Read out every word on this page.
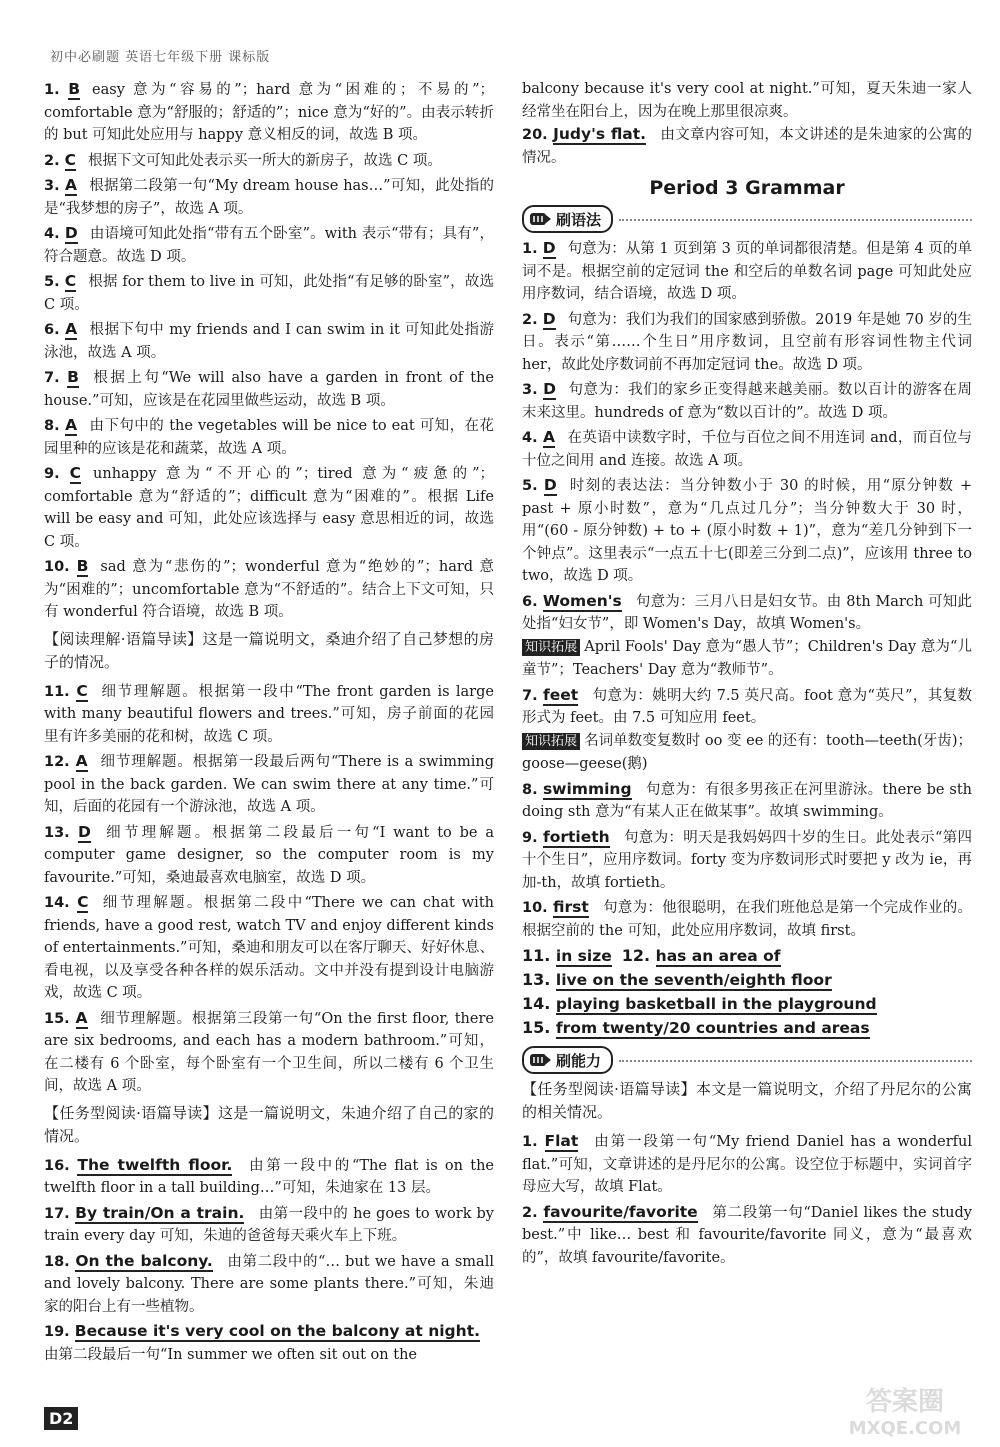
初中必刷题 英语七年级下册 课标版

1. B easy 意为“容易的”；hard 意为“困难的；不易的”；comfortable 意为“舒服的；舒适的”；nice 意为“好的”。由表示转折的 but 可知此处应用与 happy 意义相反的词，故选 B 项。

2. C 根据下文可知此处表示买一所大的新房子，故选 C 项。

3. A 根据第二段第一句“My dream house has…”可知，此处指的是“我梦想的房子”，故选 A 项。

4. D 由语境可知此处指“带有五个卧室”。with 表示“带有；具有”，符合题意。故选 D 项。

5. C 根据 for them to live in 可知，此处指“有足够的卧室”，故选 C 项。

6. A 根据下句中 my friends and I can swim in it 可知此处指游泳池，故选 A 项。

7. B 根据上句“We will also have a garden in front of the house.”可知，应该是在花园里做些运动，故选 B 项。

8. A 由下句中的 the vegetables will be nice to eat 可知，在花园里种的应该是花和蔬菜，故选 A 项。

9. C unhappy 意为“不开心的”；tired 意为“疲惫的”；comfortable 意为“舒适的”；difficult 意为“困难的”。根据 Life will be easy and 可知，此处应该选择与 easy 意思相近的词，故选 C 项。

10. B sad 意为“悲伤的”；wonderful 意为“绝妙的”；hard 意为“困难的”；uncomfortable 意为“不舒适的”。结合上下文可知，只有 wonderful 符合语境，故选 B 项。

【阅读理解·语篇导读】这是一篇说明文，桑迪介绍了自己梦想的房子的情况。

11. C 细节理解题。根据第一段中“The front garden is large with many beautiful flowers and trees.”可知，房子前面的花园里有许多美丽的花和树，故选 C 项。

12. A 细节理解题。根据第一段最后两句“There is a swimming pool in the back garden. We can swim there at any time.”可知，后面的花园有一个游泳池，故选 A 项。

13. D 细节理解题。根据第二段最后一句“I want to be a computer game designer, so the computer room is my favourite.”可知，桑迪最喜欢电脑室，故选 D 项。

14. C 细节理解题。根据第二段中“There we can chat with friends, have a good rest, watch TV and enjoy different kinds of entertainments.”可知，桑迪和朋友可以在客厅聊天、好好休息、看电视，以及享受各种各样的娱乐活动。文中并没有提到设计电脑游戏，故选 C 项。

15. A 细节理解题。根据第三段第一句“On the first floor, there are six bedrooms, and each has a modern bathroom.”可知，在二楼有 6 个卧室，每个卧室有一个卫生间，所以二楼有 6 个卫生间，故选 A 项。

【任务型阅读·语篇导读】这是一篇说明文，朱迪介绍了自己的家的情况。

16. The twelfth floor. 由第一段中的“The flat is on the twelfth floor in a tall building…”可知，朱迪家在 13 层。

17. By train/On a train. 由第一段中的 he goes to work by train every day 可知，朱迪的爸爸每天乘火车上下班。

18. On the balcony. 由第二段中的“… but we have a small and lovely balcony. There are some plants there.”可知，朱迪家的阳台上有一些植物。

19. Because it's very cool on the balcony at night.由第二段最后一句“In summer we often sit out on the

balcony because it's very cool at night.”可知，夏天朱迪一家人经常坐在阳台上，因为在晚上那里很凉爽。

20. Judy's flat. 由文章内容可知，本文讲述的是朱迪家的公寓的情况。

Period 3 Grammar
刷语法

1. D 句意为：从第 1 页到第 3 页的单词都很清楚。但是第 4 页的单词不是。根据空前的定冠词 the 和空后的单数名词 page 可知此处应用序数词，结合语境，故选 D 项。

2. D 句意为：我们为我们的国家感到骄傲。2019 年是她 70 岁的生日。表示“第……个生日”用序数词，且空前有形容词性物主代词 her，故此处序数词前不再加定冠词 the。故选 D 项。

3. D 句意为：我们的家乡正变得越来越美丽。数以百计的游客在周末来这里。hundreds of 意为“数以百计的”。故选 D 项。

4. A 在英语中读数字时，千位与百位之间不用连词 and，而百位与十位之间用 and 连接。故选 A 项。

5. D 时刻的表达法：当分钟数小于 30 的时候，用“原分钟数 + past + 原小时数”，意为“几点过几分”；当分钟数大于 30 时，用“(60 - 原分钟数) + to + (原小时数 + 1)”，意为“差几分钟到下一个钟点”。这里表示“一点五十七(即差三分到二点)”，应该用 three to two，故选 D 项。

6. Women's 句意为：三月八日是妇女节。由 8th March 可知此处指“妇女节”，即 Women's Day，故填 Women's。

知识拓展 April Fools' Day 意为“愚人节”；Children's Day 意为“儿童节”；Teachers' Day 意为“教师节”。

7. feet 句意为：姚明大约 7.5 英尺高。foot 意为“英尺”，其复数形式为 feet。由 7.5 可知应用 feet。

知识拓展 名词单数变复数时 oo 变 ee 的还有：tooth—teeth(牙齿)；goose—geese(鹅)

8. swimming 句意为：有很多男孩正在河里游泳。there be sth doing sth 意为“有某人正在做某事”。故填 swimming。

9. fortieth 句意为：明天是我妈妈四十岁的生日。此处表示“第四十个生日”，应用序数词。forty 变为序数词形式时要把 y 改为 ie，再加-th，故填 fortieth。

10. first 句意为：他很聪明，在我们班他总是第一个完成作业的。根据空前的 the 可知，此处应用序数词，故填 first。

11. in size 12. has an area of

13. live on the seventh/eighth floor

14. playing basketball in the playground

15. from twenty/20 countries and areas

刷能力

【任务型阅读·语篇导读】本文是一篇说明文，介绍了丹尼尔的公寓的相关情况。

1. Flat 由第一段第一句“My friend Daniel has a wonderful flat.”可知，文章讲述的是丹尼尔的公寓。设空位于标题中，实词首字母应大写，故填 Flat。

2. favourite/favorite 第二段第一句“Daniel likes the study best.”中 like… best 和 favourite/favorite 同义，意为“最喜欢的”，故填 favourite/favorite。

D2
答案圈
MXQE.COM
